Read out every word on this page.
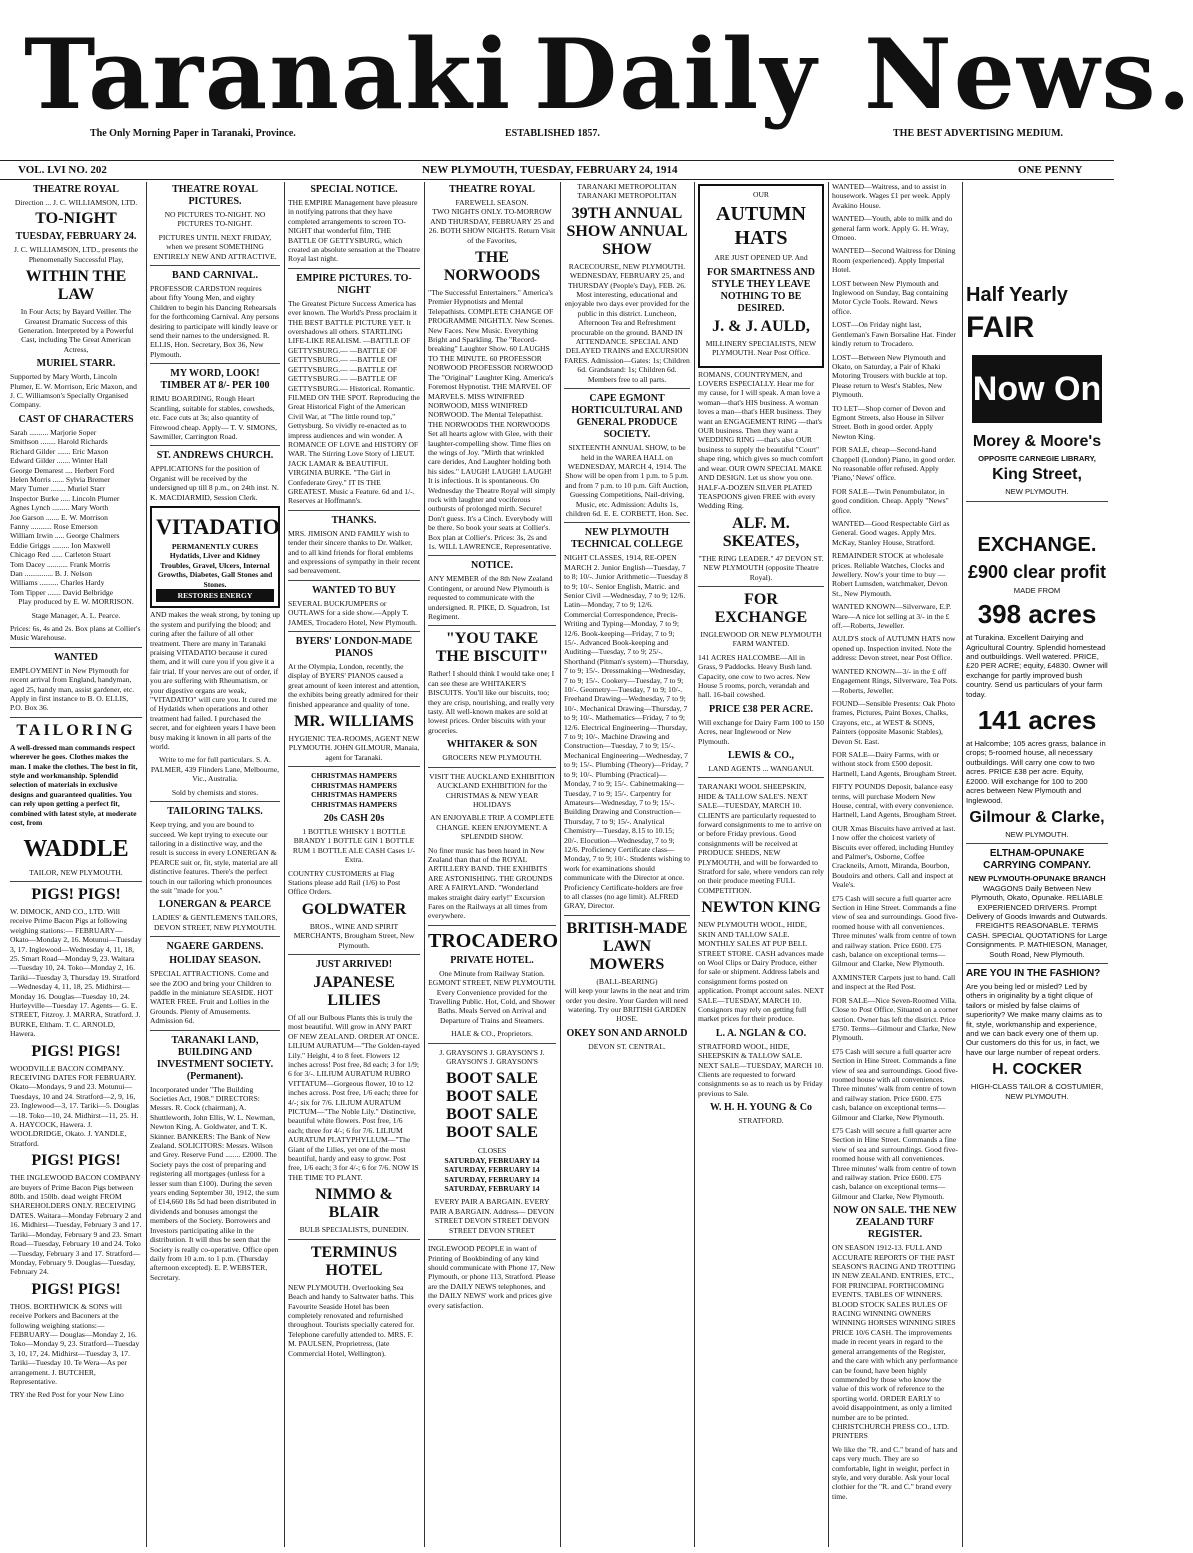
Taranaki Daily News.
The Only Morning Paper in Taranaki, Province.	ESTABLISHED 1857.	THE BEST ADVERTISING MEDIUM.
VOL. LVI NO. 202	NEW PLYMOUTH, TUESDAY, FEBRUARY 24, 1914	ONE PENNY
THEATRE ROYAL
Direction ... J. C. WILLIAMSON, LTD.
TO-NIGHT
TUESDAY, FEBRUARY 24.

J. C. WILLIAMSON, LTD., presents the Phenomenally Successful Play,

WITHIN THE LAW

In Four Acts; by Bayard Veiller. The Greatest Dramatic Success of this Generation. Interpreted by a Powerful Cast, including The Great American Actress,

MURIEL STARR.

Supported by Mary Worth, Lincoln Plumer, E. W. Morrison, Eric Maxon, and J. C. Williamson's Specially Organised Company.

CAST OF CHARACTERS
Sarah .......... Marjorie Soper
Smithson ........ Harold Richards
Richard Gilder ....... Eric Maxon
Edward Gilder ....... Winter Hall
George Demarest .... Herbert Ford
Helen Morris ...... Sylvia Bremer
Mary Turner ........ Muriel Starr
Inspector Burke ..... Lincoln Plumer
Agnes Lynch ......... Mary Worth
Joe Garson ....... E. W. Morrison
Fanny ........... Rose Emerson
William Irwin ..... George Chalmers
Eddie Griggs ......... Ion Maxwell
Chicago Red ...... Carleton Stuart
Tom Dacey ........... Frank Morris
Dan ............... B. J. Nelson
Williams .......... Charles Hardy
Tom Tipper ....... David Belbridge

Play produced by E. W. MORRISON.

Stage Manager, A. L. Pearce.

Prices: 6s, 4s and 2s. Box plans at Collier's Music Warehouse.

WANTED

EMPLOYMENT in New Plymouth for recent arrival from England, handyman, aged 25, handy man, assist gardener, etc. Apply in first instance to B. O. ELLIS, P.O. Box 36.

TAILORING

A well-dressed man commands respect wherever he goes. Clothes makes the man. I make the clothes. The best in fit, style and workmanship. Splendid selection of materials in exclusive designs and guaranteed qualities. You can rely upon getting a perfect fit, combined with latest style, at moderate cost, from

WADDLE
TAILOR, NEW PLYMOUTH.
PIGS! PIGS!

W. DIMOCK, AND CO., LTD. Will receive Prime Bacon Pigs at following weighing stations:— FEBRUARY— Okato—Monday 2, 16. Motunui—Tuesday 3, 17. Inglewood—Wednesday 4, 11, 18, 25. Smart Road—Monday 9, 23. Waitara—Tuesday 10, 24. Toko—Monday 2, 16. Tariki—Tuesday 3, Thursday 19. Stratford—Wednesday 4, 11, 18, 25. Midhirst—Monday 16. Douglas—Tuesday 10, 24. Hurleyville—Tuesday 17. Agents— G. E. STREET, Fitzroy. J. MARRA, Stratford. J. BURKE, Eltham. T. C. ARNOLD, Hawera.

PIGS! PIGS!

WOODVILLE BACON COMPANY. RECEIVING DATES FOR FEBRUARY. Okato—Mondays, 9 and 23. Motunui—Tuesdays, 10 and 24. Stratford—2, 9, 16, 23. Inglewood—3, 17. Tariki—5. Douglas—18. Toko—10, 24. Midhirst—11, 25. H. A. HAYCOCK, Hawera. J. WOOLDRIDGE, Okato. J. YANDLE, Stratford.

PIGS! PIGS!

THE INGLEWOOD BACON COMPANY are buyers of Prime Bacon Pigs between 80lb. and 150lb. dead weight FROM SHAREHOLDERS ONLY. RECEIVING DATES. Waitara—Monday February 2 and 16. Midhirst—Tuesday, February 3 and 17. Tariki—Monday, February 9 and 23. Smart Road—Tuesday, February 10 and 24. Toko—Tuesday, February 3 and 17. Stratford—Monday, February 9. Douglas—Tuesday, February 24.

PIGS! PIGS!

THOS. BORTHWICK & SONS will receive Porkers and Baconers at the following weighing stations:— FEBRUARY— Douglas—Monday 2, 16. Toko—Monday 9, 23. Stratford—Tuesday 3, 10, 17, 24. Midhirst—Tuesday 3, 17. Tariki—Tuesday 10. Te Wera—As per arrangement. J. BUTCHER, Representative.

TRY the Red Post for your New Lino

THEATRE ROYAL PICTURES.

NO PICTURES TO-NIGHT. NO PICTURES TO-NIGHT.

PICTURES UNTIL NEXT FRIDAY, when we present SOMETHING ENTIRELY NEW AND ATTRACTIVE.

BAND CARNIVAL.

PROFESSOR CARDSTON requires about fifty Young Men, and eighty Children to begin his Dancing Rehearsals for the forthcoming Carnival. Any persons desiring to participate will kindly leave or send their names to the undersigned. R. ELLIS, Hon. Secretary, Box 36, New Plymouth.

MY WORD, LOOK! TIMBER AT 8/- PER 100

RIMU BOARDING, Rough Heart Scantling, suitable for stables, cowsheds, etc. Face cuts at 3s; also quantity of Firewood cheap. Apply— T. V. SIMONS, Sawmiller, Carrington Road.

ST. ANDREWS CHURCH.

APPLICATIONS for the position of Organist will be received by the undersigned up till 8 p.m., on 24th inst. N. K. MACDIARMID, Session Clerk.

VITADATIO
PERMANENTLY CURES Hydatids, Liver and Kidney Troubles, Gravel, Ulcers, Internal Growths, Diabetes, Gall Stones and Stones.
RESTORES ENERGY

AND makes the weak strong, by toning up the system and purifying the blood; and curing after the failure of all other treatment. There are many in Taranaki praising VITADATIO because it cured them, and it will cure you if you give it a fair trial. If your nerves are out of order, if you are suffering with Rheumatism, or your digestive organs are weak, "VITADATIO" will cure you. It cured me of Hydatids when operations and other treatment had failed. I purchased the secret, and for eighteen years I have been busy making it known in all parts of the world.

Write to me for full particulars. S. A. PALMER, 439 Flinders Lane, Melbourne, Vic., Australia.

Sold by chemists and stores.

TAILORING TALKS.

Keep trying, and you are bound to succeed. We kept trying to execute our tailoring in a distinctive way, and the result is success in every LONERGAN & PEARCE suit or, fit, style, material are all distinctive features. There's the perfect touch in our tailoring which pronounces the suit "made for you."

LONERGAN & PEARCE

LADIES' & GENTLEMEN'S TAILORS, DEVON STREET, NEW PLYMOUTH.

NGAERE GARDENS.
HOLIDAY SEASON.

SPECIAL ATTRACTIONS. Come and see the ZOO and bring your Children to paddle in the miniature SEASIDE. HOT WATER FREE. Fruit and Lollies in the Grounds. Plenty of Amusements. Admission 6d.

TARANAKI LAND, BUILDING AND INVESTMENT SOCIETY. (Permanent).

Incorporated under "The Building Societies Act, 1908." DIRECTORS: Messrs. R. Cock (chairman), A. Shuttleworth, John Ellis, W. L. Newman, Newton King, A. Goldwater, and T. K. Skinner. BANKERS: The Bank of New Zealand. SOLICITORS: Messrs. Wilson and Grey. Reserve Fund ........ £2000. The Society pays the cost of preparing and registering all mortgages (unless for a lesser sum than £100). During the seven years ending September 30, 1912, the sum of £14,660 18s 5d had been distributed in dividends and bonuses amongst the members of the Society. Borrowers and Investors participating alike in the distribution. It will thus be seen that the Society is really co-operative. Office open daily from 10 a.m. to 1 p.m. (Thursday afternoon excepted). E. P. WEBSTER, Secretary.

SPECIAL NOTICE.

THE EMPIRE Management have pleasure in notifying patrons that they have completed arrangements to screen TO-NIGHT that wonderful film, THE BATTLE OF GETTYSBURG, which created an absolute sensation at the Theatre Royal last night.

EMPIRE PICTURES. TO-NIGHT

The Greatest Picture Success America has ever known. The World's Press proclaim it THE BEST BATTLE PICTURE YET. It overshadows all others. STARTLING LIFE-LIKE REALISM. —BATTLE OF GETTYSBURG.— —BATTLE OF GETTYSBURG.— —BATTLE OF GETTYSBURG.— —BATTLE OF GETTYSBURG.— —BATTLE OF GETTYSBURG.— Historical. Romantic. FILMED ON THE SPOT. Reproducing the Great Historical Fight of the American Civil War, at "The little round top," Gettysburg. So vividly re-enacted as to impress audiences and win wonder. A ROMANCE OF LOVE and HISTORY OF WAR. The Stirring Love Story of LIEUT. JACK LAMAR & BEAUTIFUL VIRGINIA BURKE. "The Girl in Confederate Grey." IT IS THE GREATEST. Music a Feature. 6d and 1/-. Reserves at Hoffmann's.

THANKS.

MRS. JIMISON AND FAMILY wish to tender their sincere thanks to Dr. Walker, and to all kind friends for floral emblems and expressions of sympathy in their recent sad bereavement.

WANTED TO BUY

SEVERAL BUCKJUMPERS or OUTLAWS for a side show.—Apply T. JAMES, Trocadero Hotel, New Plymouth.

BYERS' LONDON-MADE PIANOS

At the Olympia, London, recently, the display of BYERS' PIANOS caused a great amount of keen interest and attention, the exhibits being greatly admired for their finished appearance and quality of tone.

MR. WILLIAMS

HYGIENIC TEA-ROOMS, AGENT NEW PLYMOUTH. JOHN GILMOUR, Manaia, agent for Taranaki.

CHRISTMAS HAMPERS CHRISTMAS HAMPERS CHRISTMAS HAMPERS CHRISTMAS HAMPERS

20s CASH 20s

1 BOTTLE WHISKY 1 BOTTLE BRANDY 1 BOTTLE GIN 1 BOTTLE RUM 1 BOTTLE ALE CASH Cases 1/- Extra.

COUNTRY CUSTOMERS at Flag Stations please add Rail (1/6) to Post Office Orders.

GOLDWATER

BROS., WINE AND SPIRIT MERCHANTS, Brougham Street, New Plymouth.

JUST ARRIVED!
JAPANESE LILIES

Of all our Bulbous Plants this is truly the most beautiful. Will grow in ANY PART OF NEW ZEALAND. ORDER AT ONCE. LILIUM AURATUM—"The Golden-rayed Lily." Height, 4 to 8 feet. Flowers 12 inches across! Post free, 8d each; 3 for 1/9; 6 for 3/-. LILIUM AURATUM RUBRO VITTATUM—Gorgeous flower, 10 to 12 inches across. Post free, 1/6 each; three for 4/-; six for 7/6. LILIUM AURATUM PICTUM—"The Noble Lily." Distinctive, beautiful white flowers. Post free, 1/6 each; three for 4/-; 6 for 7/6. LILIUM AURATUM PLATYPHYLLUM—"The Giant of the Lilies, yet one of the most beautiful, hardy and easy to grow. Post free, 1/6 each; 3 for 4/-; 6 for 7/6. NOW IS THE TIME TO PLANT.

NIMMO & BLAIR

BULB SPECIALISTS, DUNEDIN.

TERMINUS HOTEL

NEW PLYMOUTH. Overlooking Sea Beach and handy to Saltwater baths. This Favourite Seaside Hotel has been completely renovated and refurnished throughout. Tourists specially catered for. Telephone carefully attended to. MRS. F. M. PAULSEN, Proprietress, (late Commercial Hotel, Wellington).

THEATRE ROYAL
FAREWELL SEASON.

TWO NIGHTS ONLY. TO-MORROW AND THURSDAY, FEBRUARY 25 and 26. BOTH SHOW NIGHTS. Return Visit of the Favorites,

THE NORWOODS

"The Successful Entertainers." America's Premier Hypnotists and Mental Telepathists. COMPLETE CHANGE OF PROGRAMME NIGHTLY. New Scenes. New Faces. New Music. Everything Bright and Sparkling. The "Record-breaking" Laughter Show. 60 LAUGHS TO THE MINUTE. 60 PROFESSOR NORWOOD PROFESSOR NORWOOD The "Original" Laughter King. America's Foremost Hypnotist. THE MARVEL OF MARVELS. MISS WINIFRED NORWOOD, MISS WINIFRED NORWOOD. The Mental Telepathist. THE NORWOODS THE NORWOODS Set all hearts aglow with Glee, with their laughter-compelling show. Time flies on the wings of Joy. "Mirth that wrinkled care derides, And Laughter holding both his sides." LAUGH! LAUGH! LAUGH! It is infectious. It is spontaneous. On Wednesday the Theatre Royal will simply rock with laughter and vociferous outbursts of prolonged mirth. Secure! Don't guess. It's a Cinch. Everybody will be there. So book your seats at Collier's. Box plan at Collier's. Prices: 3s, 2s and 1s. WILL LAWRENCE, Representative.

NOTICE.

ANY MEMBER of the 8th New Zealand Contingent, or around New Plymouth is requested to communicate with the undersigned. R. PIKE, D. Squadron, 1st Regiment.

"YOU TAKE THE BISCUIT"

Rather! I should think I would take one; I can see these are WHITAKER'S BISCUITS. You'll like our biscuits, too; they are crisp, nourishing, and really very tasty. All well-known makes are sold at lowest prices. Order biscuits with your groceries.

WHITAKER & SON
GROCERS NEW PLYMOUTH.

VISIT THE AUCKLAND EXHIBITION AUCKLAND EXHIBITION for the CHRISTMAS & NEW YEAR HOLIDAYS

AN ENJOYABLE TRIP. A COMPLETE CHANGE. KEEN ENJOYMENT. A SPLENDID SHOW.

No finer music has been heard in New Zealand than that of the ROYAL ARTILLERY BAND. THE EXHIBITS ARE ASTONISHING. THE GROUNDS ARE A FAIRYLAND. "Wonderland makes straight dairy early!" Excursion Fares on the Railways at all times from everywhere.

TROCADERO
PRIVATE HOTEL.

One Minute from Railway Station. EGMONT STREET, NEW PLYMOUTH. Every Convenience provided for the Travelling Public. Hot, Cold, and Shower Baths. Meals Served on Arrival and Departure of Trains and Steamers.

HALE & CO., Proprietors.

J. GRAYSON'S J. GRAYSON'S J. GRAYSON'S J. GRAYSON'S

BOOT SALE BOOT SALE BOOT SALE BOOT SALE

CLOSES

SATURDAY, FEBRUARY 14 SATURDAY, FEBRUARY 14 SATURDAY, FEBRUARY 14 SATURDAY, FEBRUARY 14

EVERY PAIR A BARGAIN. EVERY PAIR A BARGAIN. Address— DEVON STREET DEVON STREET DEVON STREET DEVON STREET

INGLEWOOD PEOPLE in want of Printing of Bookbinding of any kind should communicate with Phone 17, New Plymouth, or phone 113, Stratford. Please are the DAILY NEWS telephones, and the DAILY NEWS' work and prices give every satisfaction.

TARANAKI METROPOLITAN TARANAKI METROPOLITAN

39TH ANNUAL SHOW ANNUAL SHOW

RACECOURSE, NEW PLYMOUTH. WEDNESDAY, FEBRUARY 25, and THURSDAY (People's Day), FEB. 26. Most interesting, educational and enjoyable two days ever provided for the public in this district. Luncheon, Afternoon Tea and Refreshment procurable on the ground. BAND IN ATTENDANCE. SPECIAL AND DELAYED TRAINS and EXCURSION FARES. Admission—Gates: 1s; Children 6d. Grandstand: 1s; Children 6d. Members free to all parts.

CAPE EGMONT HORTICULTURAL AND GENERAL PRODUCE SOCIETY.

SIXTEENTH ANNUAL SHOW, to be held in the WAREA HALL on WEDNESDAY, MARCH 4, 1914. The Show will be open from 1 p.m. to 5 p.m. and from 7 p.m. to 10 p.m. Gift Auction, Guessing Competitions, Nail-driving, Music, etc. Admission: Adults 1s, children 6d. E. E. CORBETT, Hon. Sec.

NEW PLYMOUTH TECHNICAL COLLEGE

NIGHT CLASSES, 1914, RE-OPEN MARCH 2. Junior English—Tuesday, 7 to 8; 10/-. Junior Arithmetic—Tuesday 8 to 9; 10/-. Senior English, Matric. and Senior Civil —Wednesday, 7 to 9; 12/6. Latin—Monday, 7 to 9; 12/6. Commercial Correspondence, Precis-Writing and Typing—Monday, 7 to 9; 12/6. Book-keeping—Friday, 7 to 9; 15/-. Advanced Book-keeping and Auditing—Tuesday, 7 to 9; 25/-. Shorthand (Pitman's system)—Thursday, 7 to 9; 15/-. Dressmaking—Wednesday, 7 to 9; 15/-. Cookery—Tuesday, 7 to 9; 10/-. Geometry—Tuesday, 7 to 9; 10/-. Freehand Drawing—Wednesday, 7 to 9; 10/-. Mechanical Drawing—Thursday, 7 to 9; 10/-. Mathematics—Friday, 7 to 9; 12/6. Electrical Engineering—Thursday, 7 to 9; 10/-. Machine Drawing and Construction—Tuesday, 7 to 9; 15/-. Mechanical Engineering—Wednesday, 7 to 9; 15/-. Plumbing (Theory)—Friday, 7 to 9; 10/-. Plumbing (Practical)—Monday, 7 to 9; 15/-. Cabinetmaking—Tuesday, 7 to 9; 15/-. Carpentry for Amateurs—Wednesday, 7 to 9; 15/-. Building Drawing and Construction—Thursday, 7 to 9; 15/-. Analytical Chemistry—Tuesday, 8.15 to 10.15; 20/-. Elocution—Wednesday, 7 to 9; 12/6. Proficiency Certificate class—Monday, 7 to 9; 10/-. Students wishing to work for examinations should communicate with the Director at once. Proficiency Certificate-holders are free to all classes (no age limit). ALFRED GRAY, Director.

BRITISH-MADE LAWN MOWERS
(BALL-BEARING)

will keep your lawns in the neat and trim order you desire. Your Garden will need watering. Try our BRITISH GARDEN HOSE.

OKEY SON AND ARNOLD
DEVON ST. CENTRAL.
OUR
AUTUMN HATS

ARE JUST OPENED UP. And

FOR SMARTNESS AND STYLE THEY LEAVE NOTHING TO BE DESIRED.
J. & J. AULD,

MILLINERY SPECIALISTS, NEW PLYMOUTH. Near Post Office.

ROMANS, COUNTRYMEN, and LOVERS ESPECIALLY. Hear me for my cause, for I will speak. A man love a woman—that's HIS business. A woman loves a man—that's HER business. They want an ENGAGEMENT RING —that's OUR business. Then they want a WEDDING RING —that's also OUR business to supply the beautiful "Court" shape ring, which gives so much comfort and wear. OUR OWN SPECIAL MAKE AND DESIGN. Let us show you one. HALF-A-DOZEN SILVER PLATED TEASPOONS given FREE with every Wedding Ring.

ALF. M. SKEATES,

"THE RING LEADER." 47 DEVON ST. NEW PLYMOUTH (opposite Theatre Royal).

FOR EXCHANGE

INGLEWOOD OR NEW PLYMOUTH FARM WANTED.

141 ACRES HALCOMBE—All in Grass, 9 Paddocks. Heavy Bush land. Capacity, one cow to two acres. New House 5 rooms, porch, verandah and hall. 16-bail cowshed.

PRICE £38 PER ACRE.

Will exchange for Dairy Farm 100 to 150 Acres, near Inglewood or New Plymouth.

LEWIS & CO.,
LAND AGENTS ... WANGANUI.

TARANAKI WOOL SHEEPSKIN, HIDE & TALLOW SALE'S. NEXT SALE—TUESDAY, MARCH 10. CLIENTS are particularly requested to forward consignments to me to arrive on or before Friday previous. Good consignments will be received at PRODUCE SHEDS, NEW PLYMOUTH, and will be forwarded to Stratford for sale, where vendors can rely on their produce meeting FULL COMPETITION.

NEWTON KING

NEW PLYMOUTH WOOL, HIDE, SKIN AND TALLOW SALE. MONTHLY SALES AT PUP BELL STREET STORE. CASH advances made on Wool Clips or Dairy Produce, either for sale or shipment. Address labels and consignment forms posted on application. Prompt account sales. NEXT SALE—TUESDAY, MARCH 10. Consignors may rely on getting full market prices for their produce.

L. A. NGLAN & CO.

STRATFORD WOOL, HIDE, SHEEPSKIN & TALLOW SALE. NEXT SALE—TUESDAY, MARCH 10. Clients are requested to forward consignments so as to reach us by Friday previous to Sale.

W. H. H. YOUNG & Co
STRATFORD.

WANTED—Waitress, and to assist in housework. Wages £1 per week. Apply Avakino House.

WANTED—Youth, able to milk and do general farm work. Apply G. H. Wray, Omoeo.

WANTED—Second Waitress for Dining Room (experienced). Apply Imperial Hotel.

LOST between New Plymouth and Inglewood on Sunday, Bag containing Motor Cycle Tools. Reward. News office.

LOST—On Friday night last, Gentleman's Fawn Borsaline Hat. Finder kindly return to Trocadero.

LOST—Between New Plymouth and Okato, on Saturday, a Pair of Khaki Motoring Trousers with buckle at top. Please return to West's Stables, New Plymouth.

TO LET—Shop corner of Devon and Egmont Streets, also House in Silver Street. Both in good order. Apply Newton King.

FOR SALE, cheap—Second-hand Chappell (London) Piano, in good order. No reasonable offer refused. Apply 'Piano,' News' office.

FOR SALE—Twin Penumbulator, in good condition. Cheap. Apply "News" office.

WANTED—Good Respectable Girl as General. Good wages. Apply Mrs. McKay, Stanley House, Stratford.

REMAINDER STOCK at wholesale prices. Reliable Watches, Clocks and Jewellery. Now's your time to buy —Robert Lumsden, watchmaker, Devon St., New Plymouth.

WANTED KNOWN—Silverware, E.P. Ware—A nice lot selling at 3/- in the £ off.—Roberts, Jeweller.

AULD'S stock of AUTUMN HATS now opened up. Inspection invited. Note the address: Devon street, near Post Office.

WANTED KNOWN—3/- in the £ off Engagement Rings, Silverware, Tea Pots.—Roberts, Jeweller.

FOUND—Sensible Presents: Oak Photo frames, Pictures, Paint Boxes, Chalks, Crayons, etc., at WEST & SONS, Painters (opposite Masonic Stables), Devon St. East.

FOR SALE—Dairy Farms, with or without stock from £500 deposit. Hartnell, Land Agents, Brougham Street.

FIFTY POUNDS Deposit, balance easy terms, will purchase Modern New House, central, with every convenience. Hartnell, Land Agents, Brougham Street.

OUR Xmas Biscuits have arrived at last. I now offer the choicest variety of Biscuits ever offered, including Huntley and Palmer's, Osborne, Coffee Crackneils, Arnott, Miranda, Bourbon, Boudoirs and others. Call and inspect at Veale's.

£75 Cash will secure a full quarter acre Section in Hine Street. Commands a fine view of sea and surroundings. Good five-roomed house with all conveniences. Three minutes' walk from centre of town and railway station. Price £600. £75 cash, balance on exceptional terms—Gilmour and Clarke, New Plymouth.

AXMINSTER Carpets just to hand. Call and inspect at the Red Post.

FOR SALE—Nice Seven-Roomed Villa. Close to Post Office. Situated on a corner section. Owner has left the district. Price £750. Terms—Gilmour and Clarke, New Plymouth.

£75 Cash will secure a full quarter acre Section in Hine Street. Commands a fine view of sea and surroundings. Good five-roomed house with all conveniences. Three minutes' walk from centre of town and railway station. Price £600. £75 cash, balance on exceptional terms—Gilmour and Clarke, New Plymouth.

£75 Cash will secure a full quarter acre Section in Hine Street. Commands a fine view of sea and surroundings. Good five-roomed house with all conveniences. Three minutes' walk from centre of town and railway station. Price £600. £75 cash, balance on exceptional terms—Gilmour and Clarke, New Plymouth.

NOW ON SALE. THE NEW ZEALAND TURF REGISTER.

ON SEASON 1912-13. FULL AND ACCURATE REPORTS OF THE PAST SEASON'S RACING AND TROTTING IN NEW ZEALAND. ENTRIES, ETC., FOR PRINCIPAL FORTHCOMING EVENTS. TABLES OF WINNERS. BLOOD STOCK SALES RULES OF RACING WINNING OWNERS WINNING HORSES WINNING SIRES PRICE 10/6 CASH. The improvements made in recent years in regard to the general arrangements of the Register, and the care with which any performance can be found, have been highly commended by those who know the value of this work of reference to the sporting world. ORDER EARLY to avoid disappointment, as only a limited number are to be printed. CHRISTCHURCH PRESS CO., LTD. PRINTERS

We like the "R. and C." brand of hats and caps very much. They are so comfortable, light in weight, perfect in style, and very durable. Ask your local clothier for the "R. and C." brand every time.

Half Yearly
FAIR
Now On
Morey & Moore's
OPPOSITE CARNEGIE LIBRARY,
King Street,
NEW PLYMOUTH.
EXCHANGE.
£900 clear profit
MADE FROM
398 acres

at Turakina. Excellent Dairying and Agricultural Country. Splendid homestead and outbuildings. Well watered. PRICE, £20 PER ACRE; equity, £4830. Owner will exchange for partly improved bush country. Send us particulars of your farm today.

141 acres

at Halcombe; 105 acres grass, balance in crops; 5-roomed house, all necessary outbuildings. Will carry one cow to two acres. PRICE £38 per acre. Equity, £2000. Will exchange for 100 to 200 acres between New Plymouth and Inglewood.

Gilmour & Clarke,
NEW PLYMOUTH.
ELTHAM-OPUNAKE CARRYING COMPANY.
NEW PLYMOUTH-OPUNAKE BRANCH

WAGGONS Daily Between New Plymouth, Okato, Opunake. RELIABLE EXPERIENCED DRIVERS. Prompt Delivery of Goods Inwards and Outwards. FREIGHTS REASONABLE. TERMS CASH. SPECIAL QUOTATIONS for Large Consignments. P. MATHIESON, Manager, South Road, New Plymouth.

ARE YOU IN THE FASHION?

Are you being led or misled? Led by others in originality by a tight clique of tailors or misled by false claims of superiority? We make many claims as to fit, style, workmanship and experience, and we can back every one of them up. Our customers do this for us, in fact, we have our large number of repeat orders.

H. COCKER
HIGH-CLASS TAILOR & COSTUMIER, NEW PLYMOUTH.
